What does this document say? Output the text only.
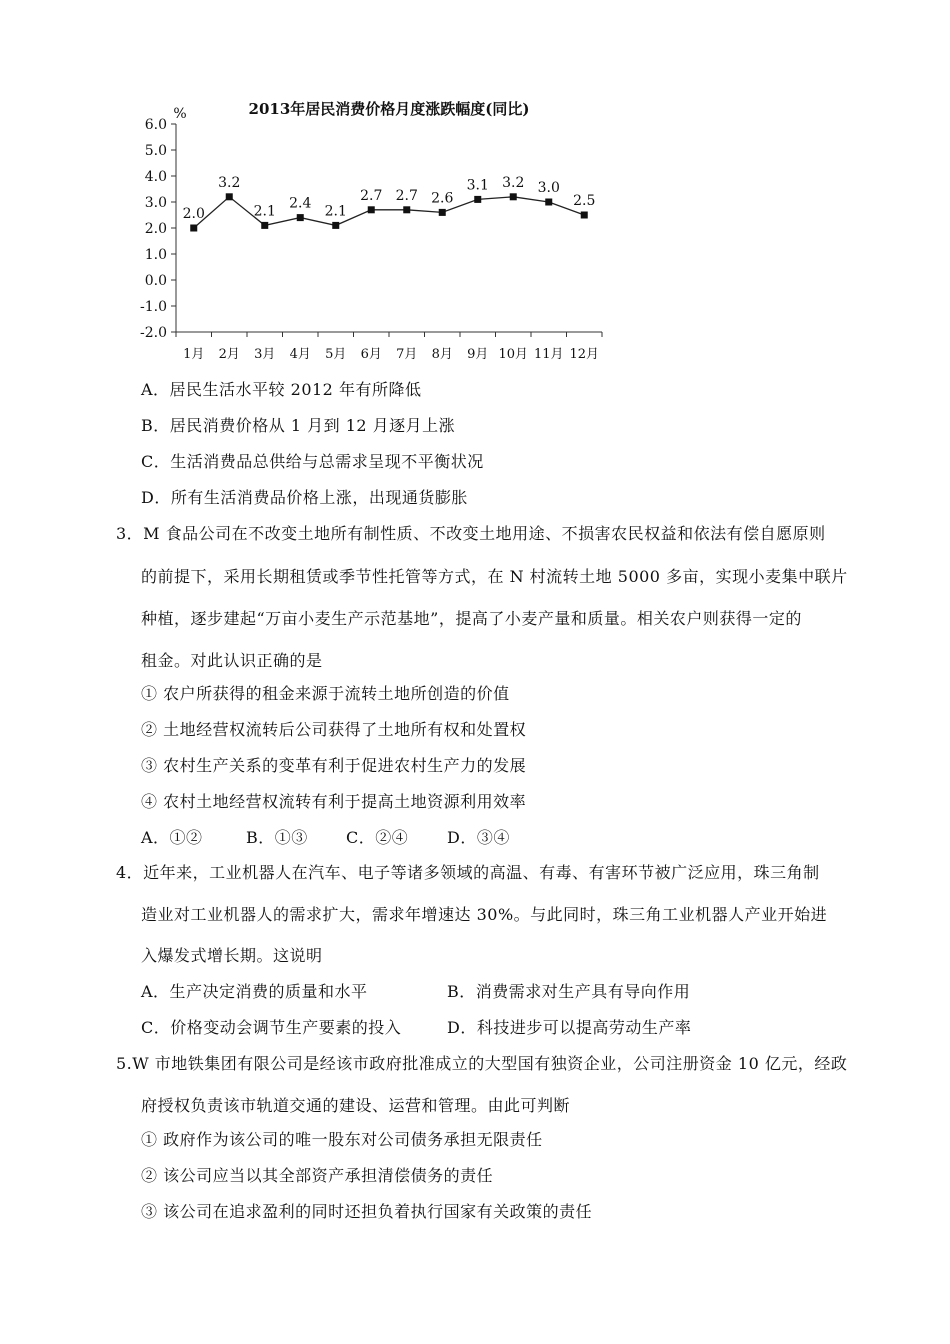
2013年居民消费价格月度涨跌幅度(同比)
%
6.0
5.0
4.0
3.0
2.0
1.0
0.0
-1.0
-2.0
1月 2月 3月 4月 5月 6月 7月 8月 9月 10月 11月 12月
2.0
3.2
2.1 2.4 2.1
2.7 2.7 2.6
3.1 3.2 3.0
2.5
A．居民生活水平较 2012 年有所降低
B．居民消费价格从 1 月到 12 月逐月上涨
C．生活消费品总供给与总需求呈现不平衡状况
D．所有生活消费品价格上涨，出现通货膨胀
3．M 食品公司在不改变土地所有制性质、不改变土地用途、不损害农民权益和依法有偿自愿原则
的前提下，采用长期租赁或季节性托管等方式，在 N 村流转土地 5000 多亩，实现小麦集中联片
种植，逐步建起“万亩小麦生产示范基地”，提高了小麦产量和质量。相关农户则获得一定的
租金。对此认识正确的是
① 农户所获得的租金来源于流转土地所创造的价值
② 土地经营权流转后公司获得了土地所有权和处置权
③ 农村生产关系的变革有利于促进农村生产力的发展
④ 农村土地经营权流转有利于提高土地资源利用效率
A．①②	B．①③ C．②④ D．③④
4．近年来，工业机器人在汽车、电子等诸多领域的高温、有毒、有害环节被广泛应用，珠三角制
造业对工业机器人的需求扩大，需求年增速达 30%。与此同时，珠三角工业机器人产业开始进
入爆发式增长期。这说明
A．生产决定消费的质量和水平	B．消费需求对生产具有导向作用
C．价格变动会调节生产要素的投入	D．科技进步可以提高劳动生产率
5.W 市地铁集团有限公司是经该市政府批准成立的大型国有独资企业，公司注册资金 10 亿元，经政
府授权负责该市轨道交通的建设、运营和管理。由此可判断
① 政府作为该公司的唯一股东对公司债务承担无限责任
② 该公司应当以其全部资产承担清偿债务的责任
③ 该公司在追求盈利的同时还担负着执行国家有关政策的责任
